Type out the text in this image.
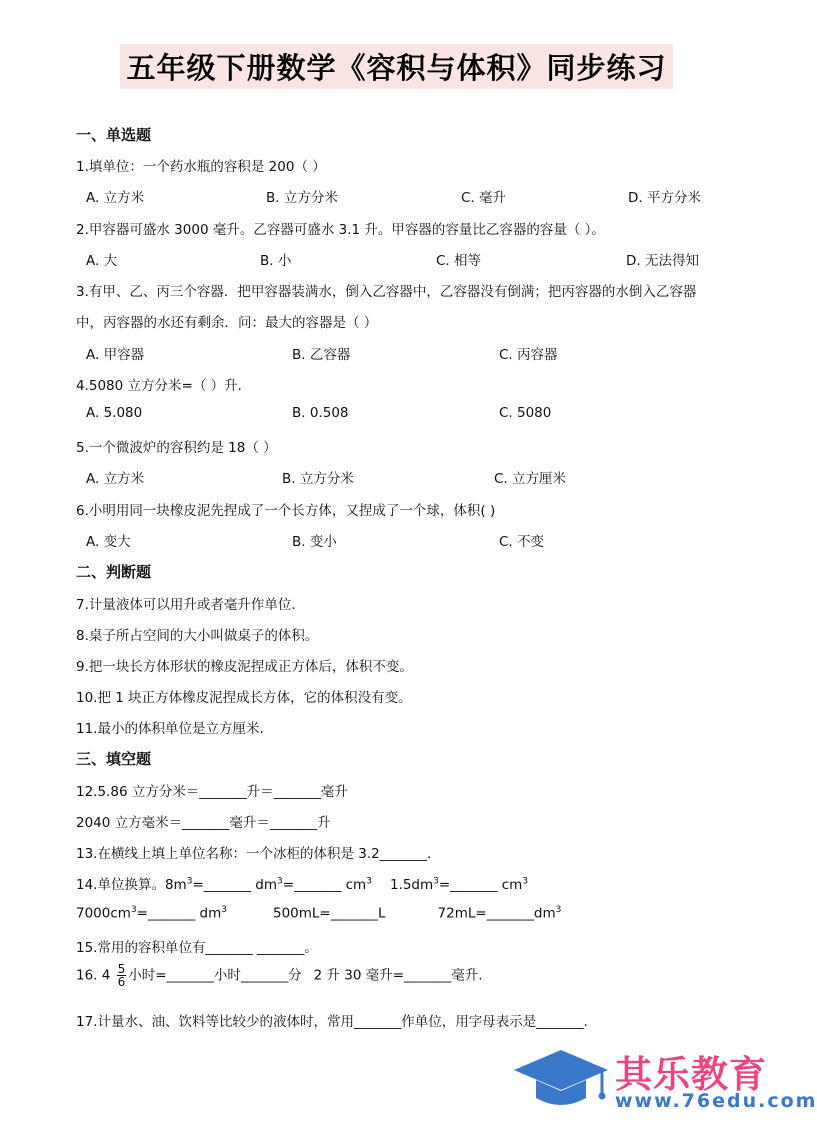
五年级下册数学《容积与体积》同步练习
一、单选题
1.填单位：一个药水瓶的容积是 200（ ）
A. 立方米	B. 立方分米	C. 毫升	D. 平方分米
2.甲容器可盛水 3000 毫升。乙容器可盛水 3.1 升。甲容器的容量比乙容器的容量（ ）。
A. 大	B. 小	C. 相等	D. 无法得知
3.有甲、乙、丙三个容器．把甲容器装满水，倒入乙容器中，乙容器没有倒满；把丙容器的水倒入乙容器
中，丙容器的水还有剩余．问：最大的容器是（ ）
A. 甲容器	B. 乙容器	C. 丙容器
4.5080 立方分米=（ ）升.
A. 5.080	B. 0.508	C. 5080
5.一个微波炉的容积约是 18（ ）
A. 立方米	B. 立方分米	C. 立方厘米
6.小明用同一块橡皮泥先捏成了一个长方体，又捏成了一个球，体积( )
A. 变大	B. 变小	C. 不变
二、判断题
7.计量液体可以用升或者毫升作单位.
8.桌子所占空间的大小叫做桌子的体积。
9.把一块长方体形状的橡皮泥捏成正方体后，体积不变。
10.把 1 块正方体橡皮泥捏成长方体，它的体积没有变。
11.最小的体积单位是立方厘米.
三、填空题
12.5.86 立方分米＝_______升＝_______毫升
2040 立方毫米＝_______毫升＝_______升
13.在横线上填上单位名称：一个冰柜的体积是 3.2_______.
14.单位换算。$8m^3=\_\_\_\_\_\_\_$ $dm^3=\_\_\_\_\_\_\_$ $cm^3$ $1.5dm^3=\_\_\_\_\_\_\_$ $cm^3$
$7000cm^3=\_\_\_\_\_\_\_$ $dm^3$	500mL=_______L	$72mL=\_\_\_\_\_\_\_dm^3$
15.常用的容积单位有_______ _______。
16. $4 \frac{5}{6}$ 小时=_______小时_______分 2 升 30 毫升=_______毫升.
17.计量水、油、饮料等比较少的液体时，常用_______作单位，用字母表示是_______.
其乐教育
www.76edu.com
